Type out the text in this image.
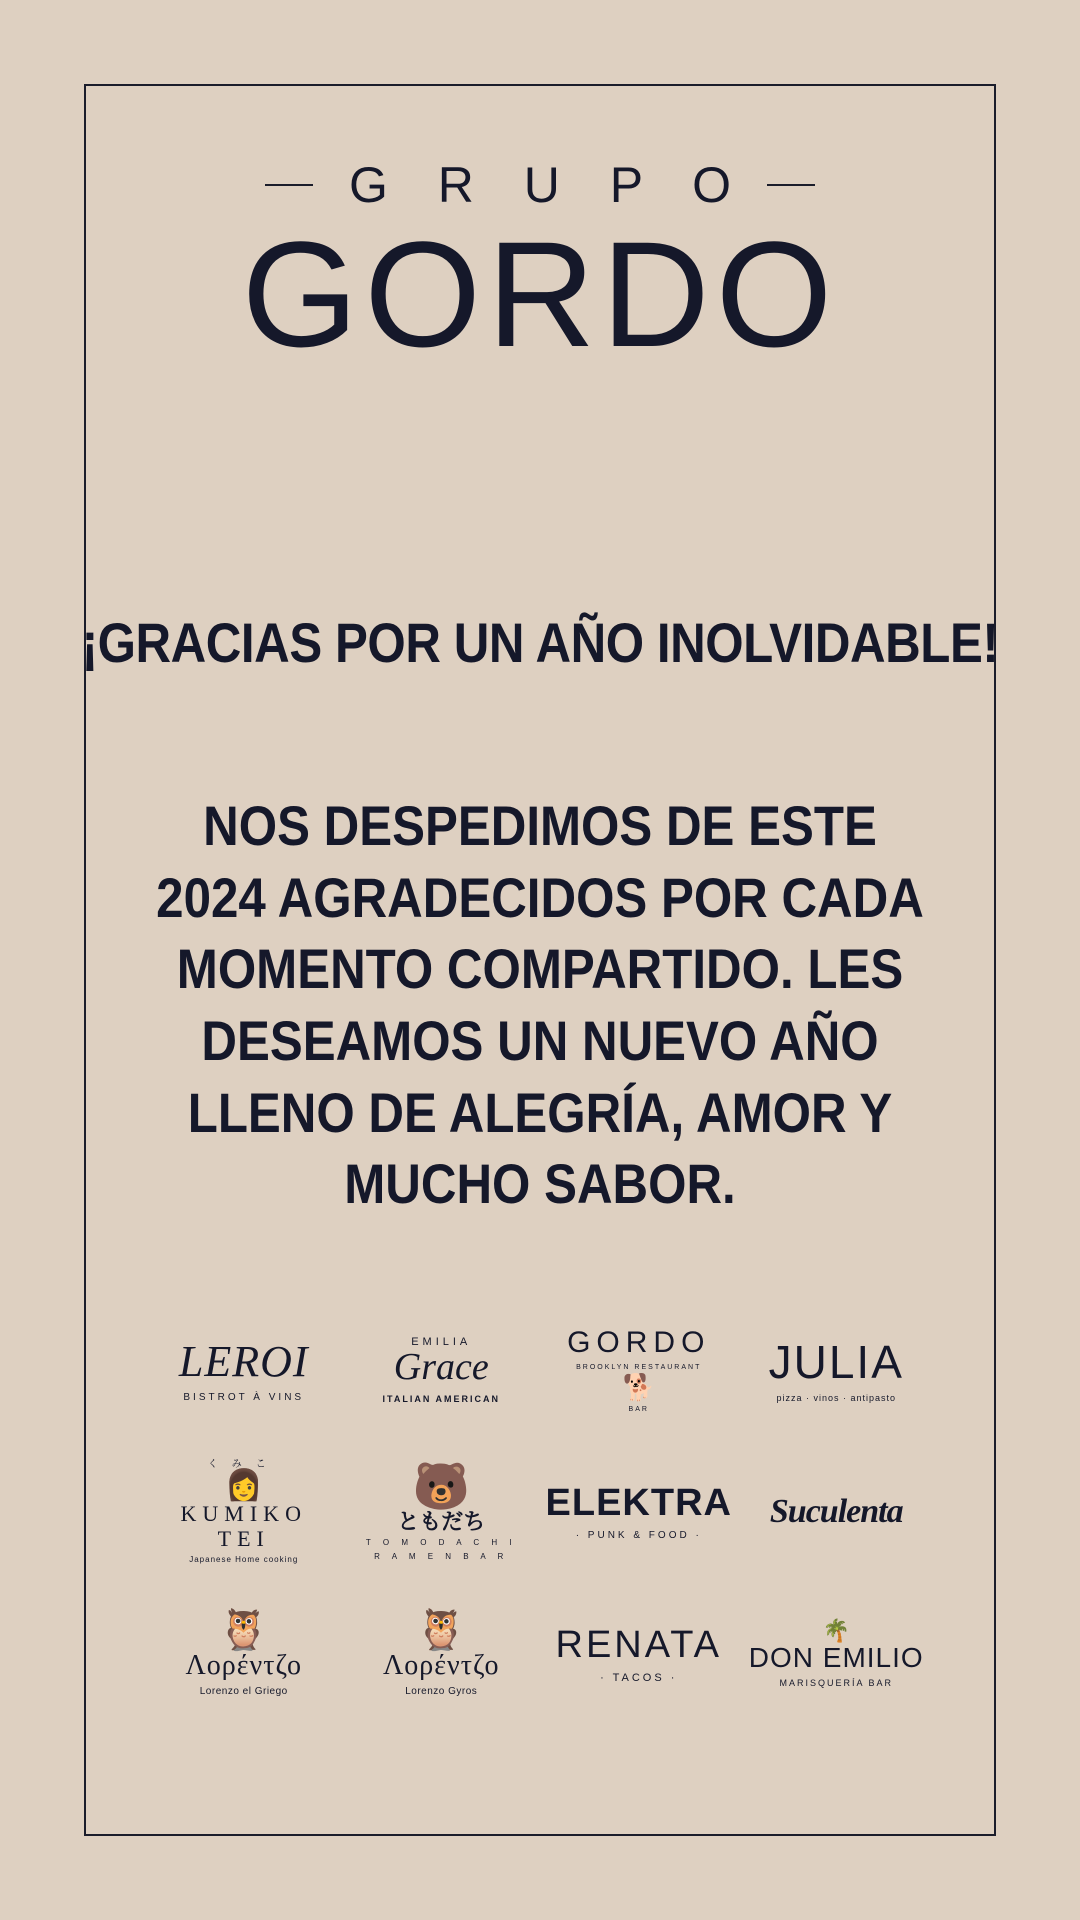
G R U P O
GORDO
¡GRACIAS POR UN AÑO INOLVIDABLE!
NOS DESPEDIMOS DE ESTE 2024 AGRADECIDOS POR CADA MOMENTO COMPARTIDO. LES DESEAMOS UN NUEVO AÑO LLENO DE ALEGRÍA, AMOR Y MUCHO SABOR.
LEROI
BISTROT À VINS
EMILIA
Grace
ITALIAN AMERICAN
GORDO
BROOKLYN RESTAURANT
🐕
BAR
JULIA
pizza · vinos · antipasto
くみこ
👩
KUMIKO TEI
Japanese Home cooking
🐻
ともだち
T O M O D A C H I
R A M E N B A R
ELEKTRA
· PUNK & FOOD ·
Suculenta
🦉
Λορέντζο
Lorenzo el Griego
🦉
Λορέντζο
Lorenzo Gyros
RENATA
· TACOS ·
🌴
DON EMILIO
MARISQUERÍA BAR
